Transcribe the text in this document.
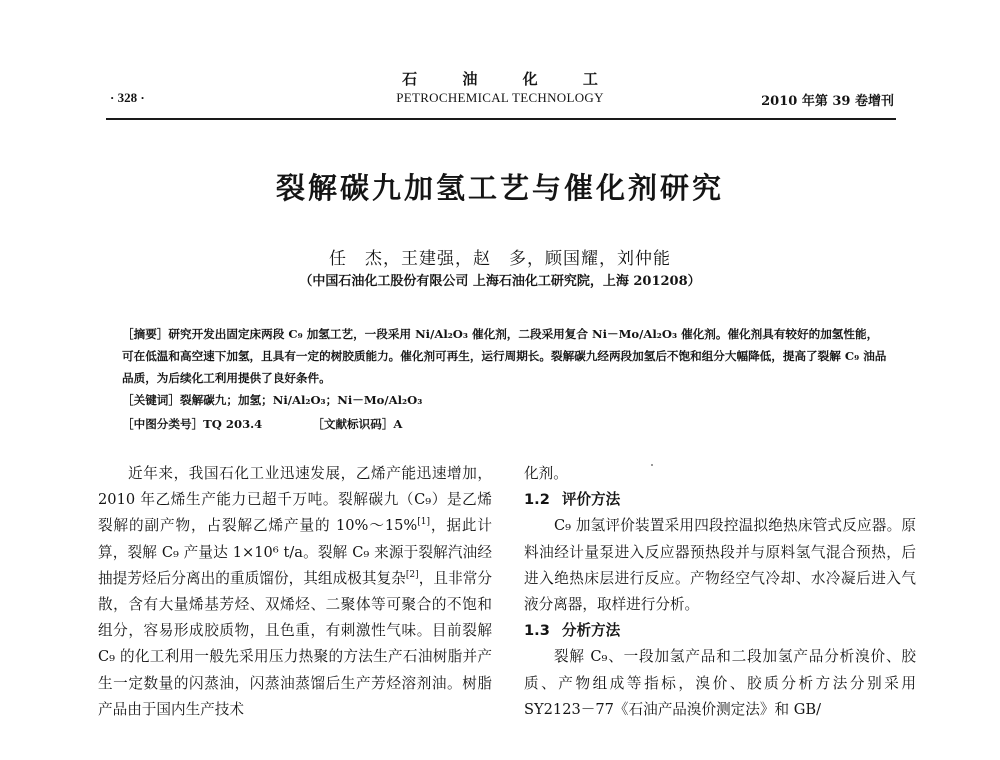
石 油 化 工
PETROCHEMICAL TECHNOLOGY
· 328 ·	2010 年第 39 卷增刊
裂解碳九加氢工艺与催化剂研究
任　杰，王建强，赵　多，顾国耀，刘仲能
（中国石油化工股份有限公司 上海石油化工研究院，上海 201208）

［摘要］研究开发出固定床两段 C₉ 加氢工艺，一段采用 Ni/Al₂O₃ 催化剂，二段采用复合 Ni－Mo/Al₂O₃ 催化剂。催化剂具有较好的加氢性能，可在低温和高空速下加氢，且具有一定的树胶质能力。催化剂可再生，运行周期长。裂解碳九经两段加氢后不饱和组分大幅降低，提高了裂解 C₉ 油品品质，为后续化工利用提供了良好条件。

［关键词］裂解碳九；加氢；Ni/Al₂O₃；Ni－Mo/Al₂O₃
［中图分类号］TQ 203.4	［文献标识码］A

近年来，我国石化工业迅速发展，乙烯产能迅速增加，2010 年乙烯生产能力已超千万吨。裂解碳九（C₉）是乙烯裂解的副产物，占裂解乙烯产量的 10%～15%[1]，据此计算，裂解 C₉ 产量达 1×10⁶ t/a。裂解 C₉ 来源于裂解汽油经抽提芳烃后分离出的重质馏份，其组成极其复杂[2]，且非常分散，含有大量烯基芳烃、双烯烃、二聚体等可聚合的不饱和组分，容易形成胶质物，且色重，有刺激性气味。目前裂解 C₉ 的化工利用一般先采用压力热聚的方法生产石油树脂并产生一定数量的闪蒸油，闪蒸油蒸馏后生产芳烃溶剂油。树脂产品由于国内生产技术

化剂。

1.2 评价方法

C₉ 加氢评价装置采用四段控温拟绝热床管式反应器。原料油经计量泵进入反应器预热段并与原料氢气混合预热，后进入绝热床层进行反应。产物经空气冷却、水冷凝后进入气液分离器，取样进行分析。

1.3 分析方法

裂解 C₉、一段加氢产品和二段加氢产品分析溴价、胶质、产物组成等指标，溴价、胶质分析方法分别采用 SY2123－77《石油产品溴价测定法》和 GB/
